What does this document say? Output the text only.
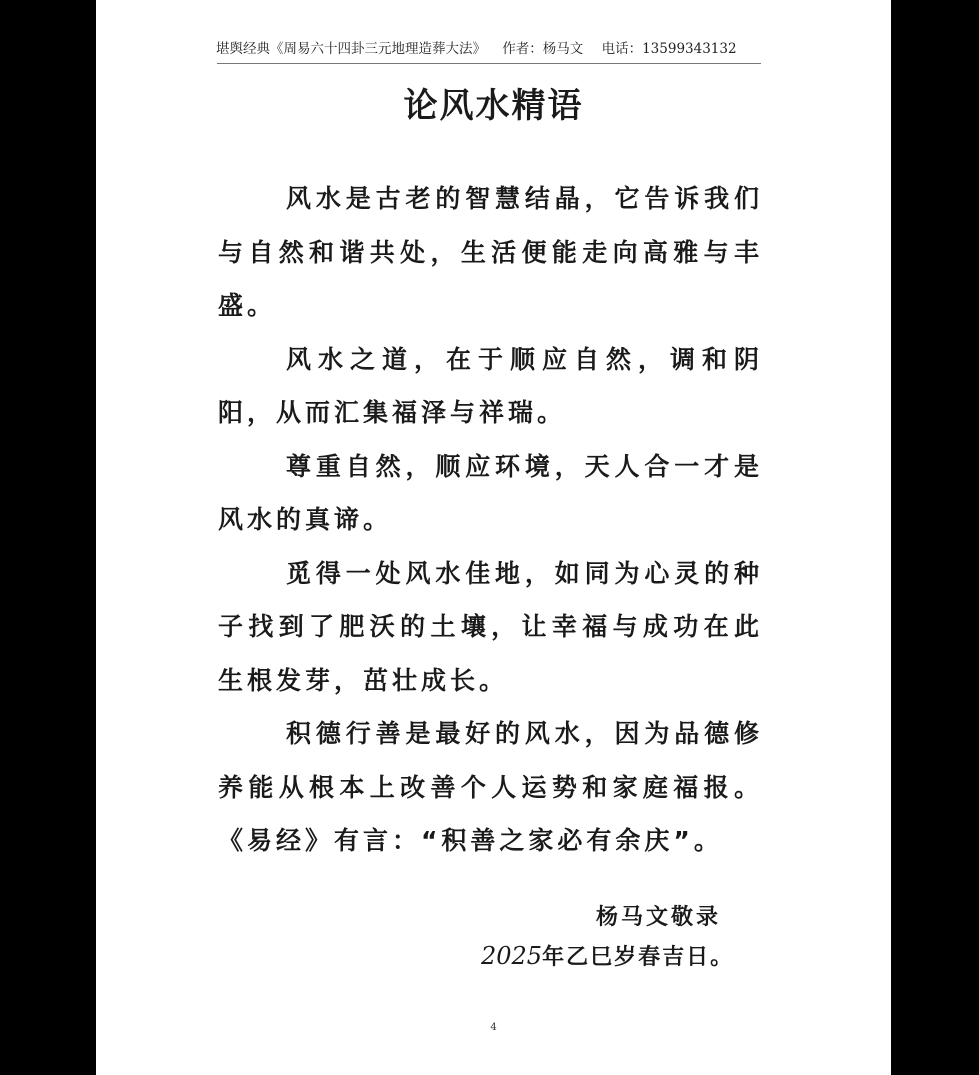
堪舆经典《周易六十四卦三元地理造葬大法》 作者：杨马文 电话：13599343132
论风水精语

风水是古老的智慧结晶，它告诉我们与自然和谐共处，生活便能走向高雅与丰盛。

风水之道，在于顺应自然，调和阴阳，从而汇集福泽与祥瑞。

尊重自然，顺应环境，天人合一才是风水的真谛。

觅得一处风水佳地，如同为心灵的种子找到了肥沃的土壤，让幸福与成功在此生根发芽，茁壮成长。

积德行善是最好的风水，因为品德修养能从根本上改善个人运势和家庭福报。《易经》有言：“积善之家必有余庆”。

杨马文敬录
2025年乙巳岁春吉日。
4
